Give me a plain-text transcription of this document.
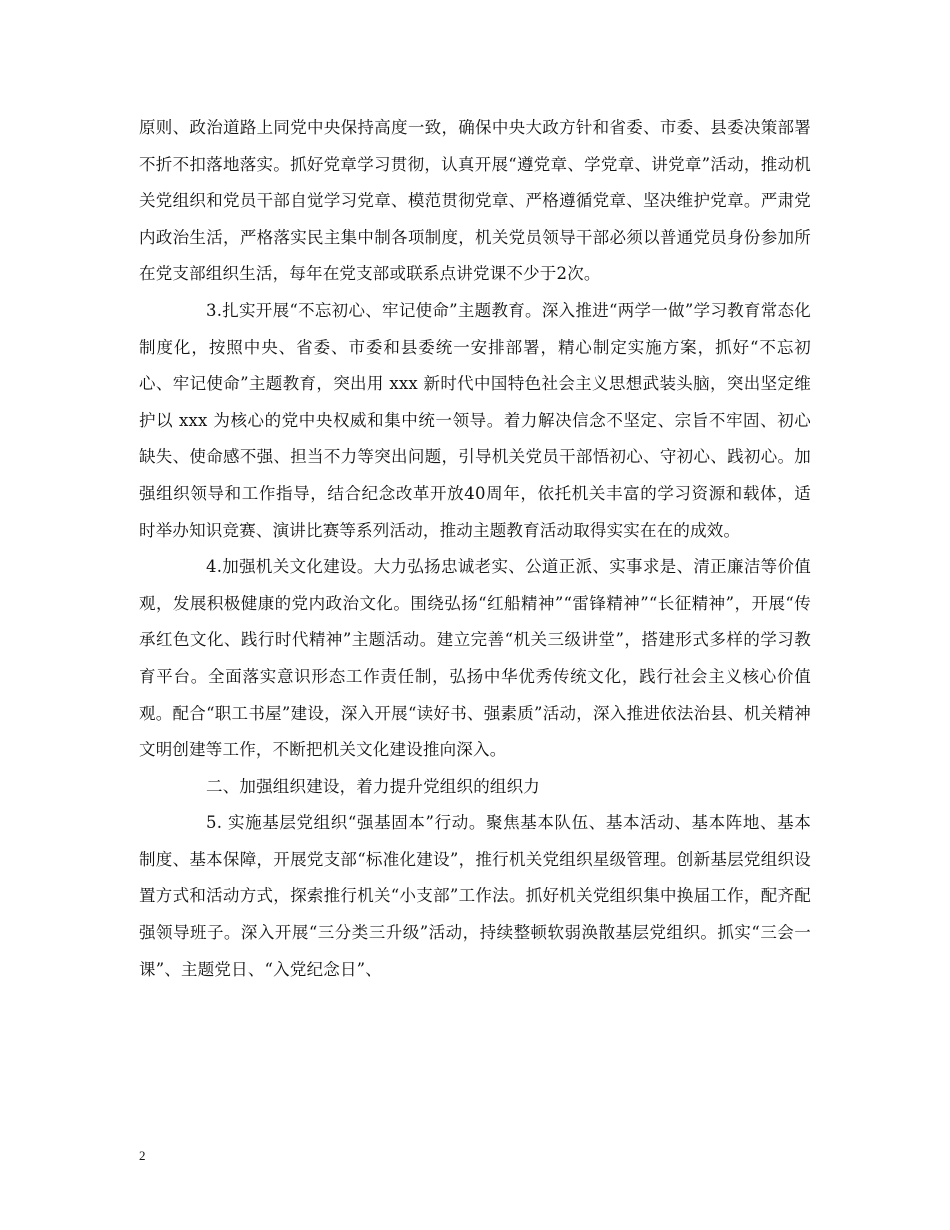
原则、政治道路上同党中央保持高度一致，确保中央大政方针和省委、市委、县委决策部署不折不扣落地落实。抓好党章学习贯彻，认真开展“遵党章、学党章、讲党章”活动，推动机关党组织和党员干部自觉学习党章、模范贯彻党章、严格遵循党章、坚决维护党章。严肃党内政治生活，严格落实民主集中制各项制度，机关党员领导干部必须以普通党员身份参加所在党支部组织生活，每年在党支部或联系点讲党课不少于2次。

3.扎实开展“不忘初心、牢记使命”主题教育。深入推进“两学一做”学习教育常态化制度化，按照中央、省委、市委和县委统一安排部署，精心制定实施方案，抓好“不忘初心、牢记使命”主题教育，突出用 xxx 新时代中国特色社会主义思想武装头脑，突出坚定维护以 xxx 为核心的党中央权威和集中统一领导。着力解决信念不坚定、宗旨不牢固、初心缺失、使命感不强、担当不力等突出问题，引导机关党员干部悟初心、守初心、践初心。加强组织领导和工作指导，结合纪念改革开放40周年，依托机关丰富的学习资源和载体，适时举办知识竞赛、演讲比赛等系列活动，推动主题教育活动取得实实在在的成效。

4.加强机关文化建设。大力弘扬忠诚老实、公道正派、实事求是、清正廉洁等价值观，发展积极健康的党内政治文化。围绕弘扬“红船精神”“雷锋精神”“长征精神”，开展“传承红色文化、践行时代精神”主题活动。建立完善“机关三级讲堂”，搭建形式多样的学习教育平台。全面落实意识形态工作责任制，弘扬中华优秀传统文化，践行社会主义核心价值观。配合“职工书屋”建设，深入开展“读好书、强素质”活动，深入推进依法治县、机关精神文明创建等工作，不断把机关文化建设推向深入。

二、加强组织建设，着力提升党组织的组织力

5. 实施基层党组织“强基固本”行动。聚焦基本队伍、基本活动、基本阵地、基本制度、基本保障，开展党支部“标准化建设”，推行机关党组织星级管理。创新基层党组织设置方式和活动方式，探索推行机关“小支部”工作法。抓好机关党组织集中换届工作，配齐配强领导班子。深入开展“三分类三升级”活动，持续整顿软弱涣散基层党组织。抓实“三会一课”、主题党日、“入党纪念日”、

2
